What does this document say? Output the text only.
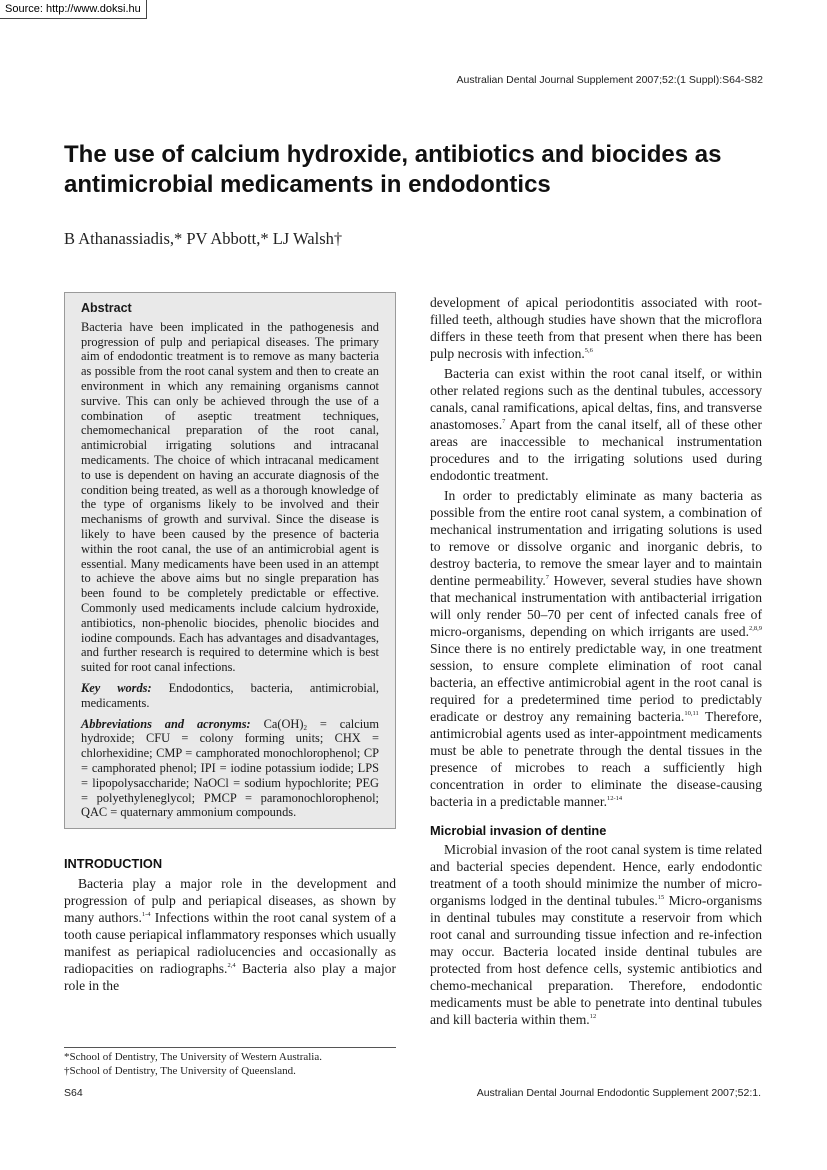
Source: http://www.doksi.hu
Australian Dental Journal Supplement 2007;52:(1 Suppl):S64-S82
The use of calcium hydroxide, antibiotics and biocides as antimicrobial medicaments in endodontics
B Athanassiadis,* PV Abbott,* LJ Walsh†
Abstract

Bacteria have been implicated in the pathogenesis and progression of pulp and periapical diseases. The primary aim of endodontic treatment is to remove as many bacteria as possible from the root canal system and then to create an environment in which any remaining organisms cannot survive. This can only be achieved through the use of a combination of aseptic treatment techniques, chemomechanical preparation of the root canal, antimicrobial irrigating solutions and intracanal medicaments. The choice of which intracanal medicament to use is dependent on having an accurate diagnosis of the condition being treated, as well as a thorough knowledge of the type of organisms likely to be involved and their mechanisms of growth and survival. Since the disease is likely to have been caused by the presence of bacteria within the root canal, the use of an antimicrobial agent is essential. Many medicaments have been used in an attempt to achieve the above aims but no single preparation has been found to be completely predictable or effective. Commonly used medicaments include calcium hydroxide, antibiotics, non-phenolic biocides, phenolic biocides and iodine compounds. Each has advantages and disadvantages, and further research is required to determine which is best suited for root canal infections.

Key words: Endodontics, bacteria, antimicrobial, medicaments.

Abbreviations and acronyms: $Ca(OH)_2$ = calcium hydroxide; CFU = colony forming units; CHX = chlorhexidine; CMP = camphorated monochlorophenol; CP = camphorated phenol; IPI = iodine potassium iodide; LPS = lipopolysaccharide; NaOCl = sodium hypochlorite; PEG = polyethyleneglycol; PMCP = paramonochlorophenol; QAC = quaternary ammonium compounds.

INTRODUCTION

Bacteria play a major role in the development and progression of pulp and periapical diseases, as shown by many authors.$^{1-4}$ Infections within the root canal system of a tooth cause periapical inflammatory responses which usually manifest as periapical radiolucencies and occasionally as radiopacities on radiographs.$^{2,4}$ Bacteria also play a major role in the

development of apical periodontitis associated with root-filled teeth, although studies have shown that the microflora differs in these teeth from that present when there has been pulp necrosis with infection.$^{5,6}$

Bacteria can exist within the root canal itself, or within other related regions such as the dentinal tubules, accessory canals, canal ramifications, apical deltas, fins, and transverse anastomoses.$^7$ Apart from the canal itself, all of these other areas are inaccessible to mechanical instrumentation procedures and to the irrigating solutions used during endodontic treatment.

In order to predictably eliminate as many bacteria as possible from the entire root canal system, a combination of mechanical instrumentation and irrigating solutions is used to remove or dissolve organic and inorganic debris, to destroy bacteria, to remove the smear layer and to maintain dentine permeability.$^7$ However, several studies have shown that mechanical instrumentation with antibacterial irrigation will only render 50–70 per cent of infected canals free of micro-organisms, depending on which irrigants are used.$^{2,8,9}$ Since there is no entirely predictable way, in one treatment session, to ensure complete elimination of root canal bacteria, an effective antimicrobial agent in the root canal is required for a predetermined time period to predictably eradicate or destroy any remaining bacteria.$^{10,11}$ Therefore, antimicrobial agents used as inter-appointment medicaments must be able to penetrate through the dental tissues in the presence of microbes to reach a sufficiently high concentration in order to eliminate the disease-causing bacteria in a predictable manner.$^{12-14}$

Microbial invasion of dentine

Microbial invasion of the root canal system is time related and bacterial species dependent. Hence, early endodontic treatment of a tooth should minimize the number of micro-organisms lodged in the dentinal tubules.$^{15}$ Micro-organisms in dentinal tubules may constitute a reservoir from which root canal and surrounding tissue infection and re-infection may occur. Bacteria located inside dentinal tubules are protected from host defence cells, systemic antibiotics and chemo-mechanical preparation. Therefore, endodontic medicaments must be able to penetrate into dentinal tubules and kill bacteria within them.$^{12}$

*School of Dentistry, The University of Western Australia.
†School of Dentistry, The University of Queensland.
S64	Australian Dental Journal Endodontic Supplement 2007;52:1.
